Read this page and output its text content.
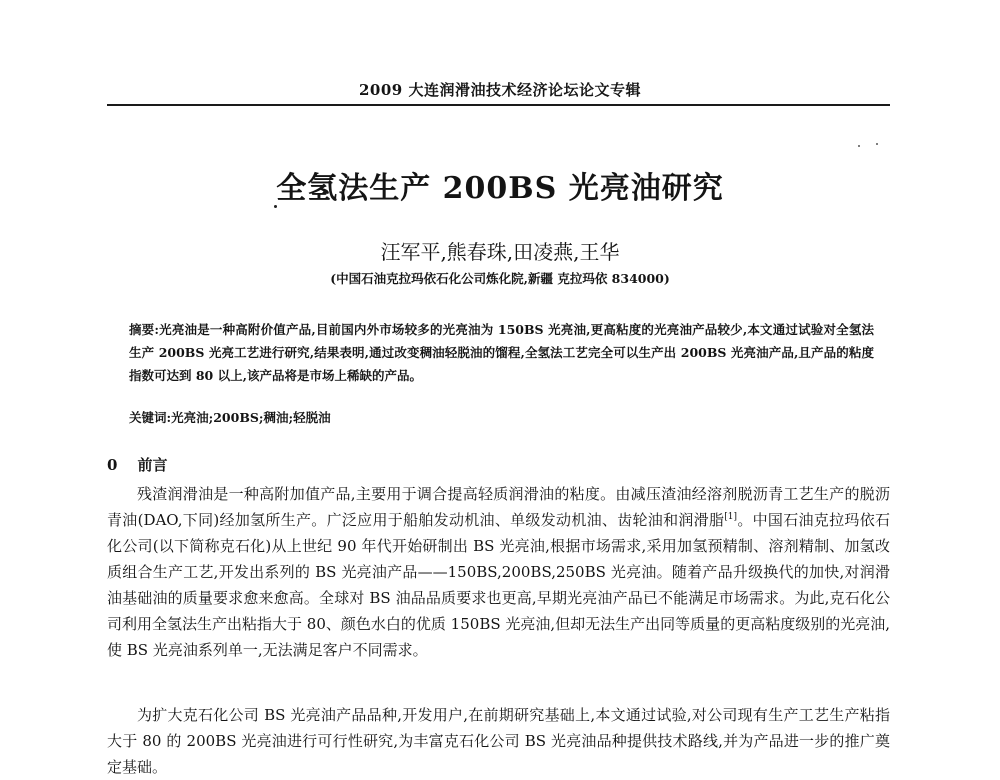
2009 大连润滑油技术经济论坛论文专辑
全氢法生产 200BS 光亮油研究
汪军平,熊春珠,田凌燕,王华
(中国石油克拉玛依石化公司炼化院,新疆 克拉玛依 834000)
摘要:光亮油是一种高附价值产品,目前国内外市场较多的光亮油为 150BS 光亮油,更高粘度的光亮油产品较少,本文通过试验对全氢法生产 200BS 光亮工艺进行研究,结果表明,通过改变稠油轻脱油的馏程,全氢法工艺完全可以生产出 200BS 光亮油产品,且产品的粘度指数可达到 80 以上,该产品将是市场上稀缺的产品。
关键词:光亮油;200BS;稠油;轻脱油
0 前言
残渣润滑油是一种高附加值产品,主要用于调合提高轻质润滑油的粘度。由减压渣油经溶剂脱沥青工艺生产的脱沥青油(DAO,下同)经加氢所生产。广泛应用于船舶发动机油、单级发动机油、齿轮油和润滑脂[1]。中国石油克拉玛依石化公司(以下简称克石化)从上世纪 90 年代开始研制出 BS 光亮油,根据市场需求,采用加氢预精制、溶剂精制、加氢改质组合生产工艺,开发出系列的 BS 光亮油产品——150BS,200BS,250BS 光亮油。随着产品升级换代的加快,对润滑油基础油的质量要求愈来愈高。全球对 BS 油品品质要求也更高,早期光亮油产品已不能满足市场需求。为此,克石化公司利用全氢法生产出粘指大于 80、颜色水白的优质 150BS 光亮油,但却无法生产出同等质量的更高粘度级别的光亮油,使 BS 光亮油系列单一,无法满足客户不同需求。
为扩大克石化公司 BS 光亮油产品品种,开发用户,在前期研究基础上,本文通过试验,对公司现有生产工艺生产粘指大于 80 的 200BS 光亮油进行可行性研究,为丰富克石化公司 BS 光亮油品种提供技术路线,并为产品进一步的推广奠定基础。
